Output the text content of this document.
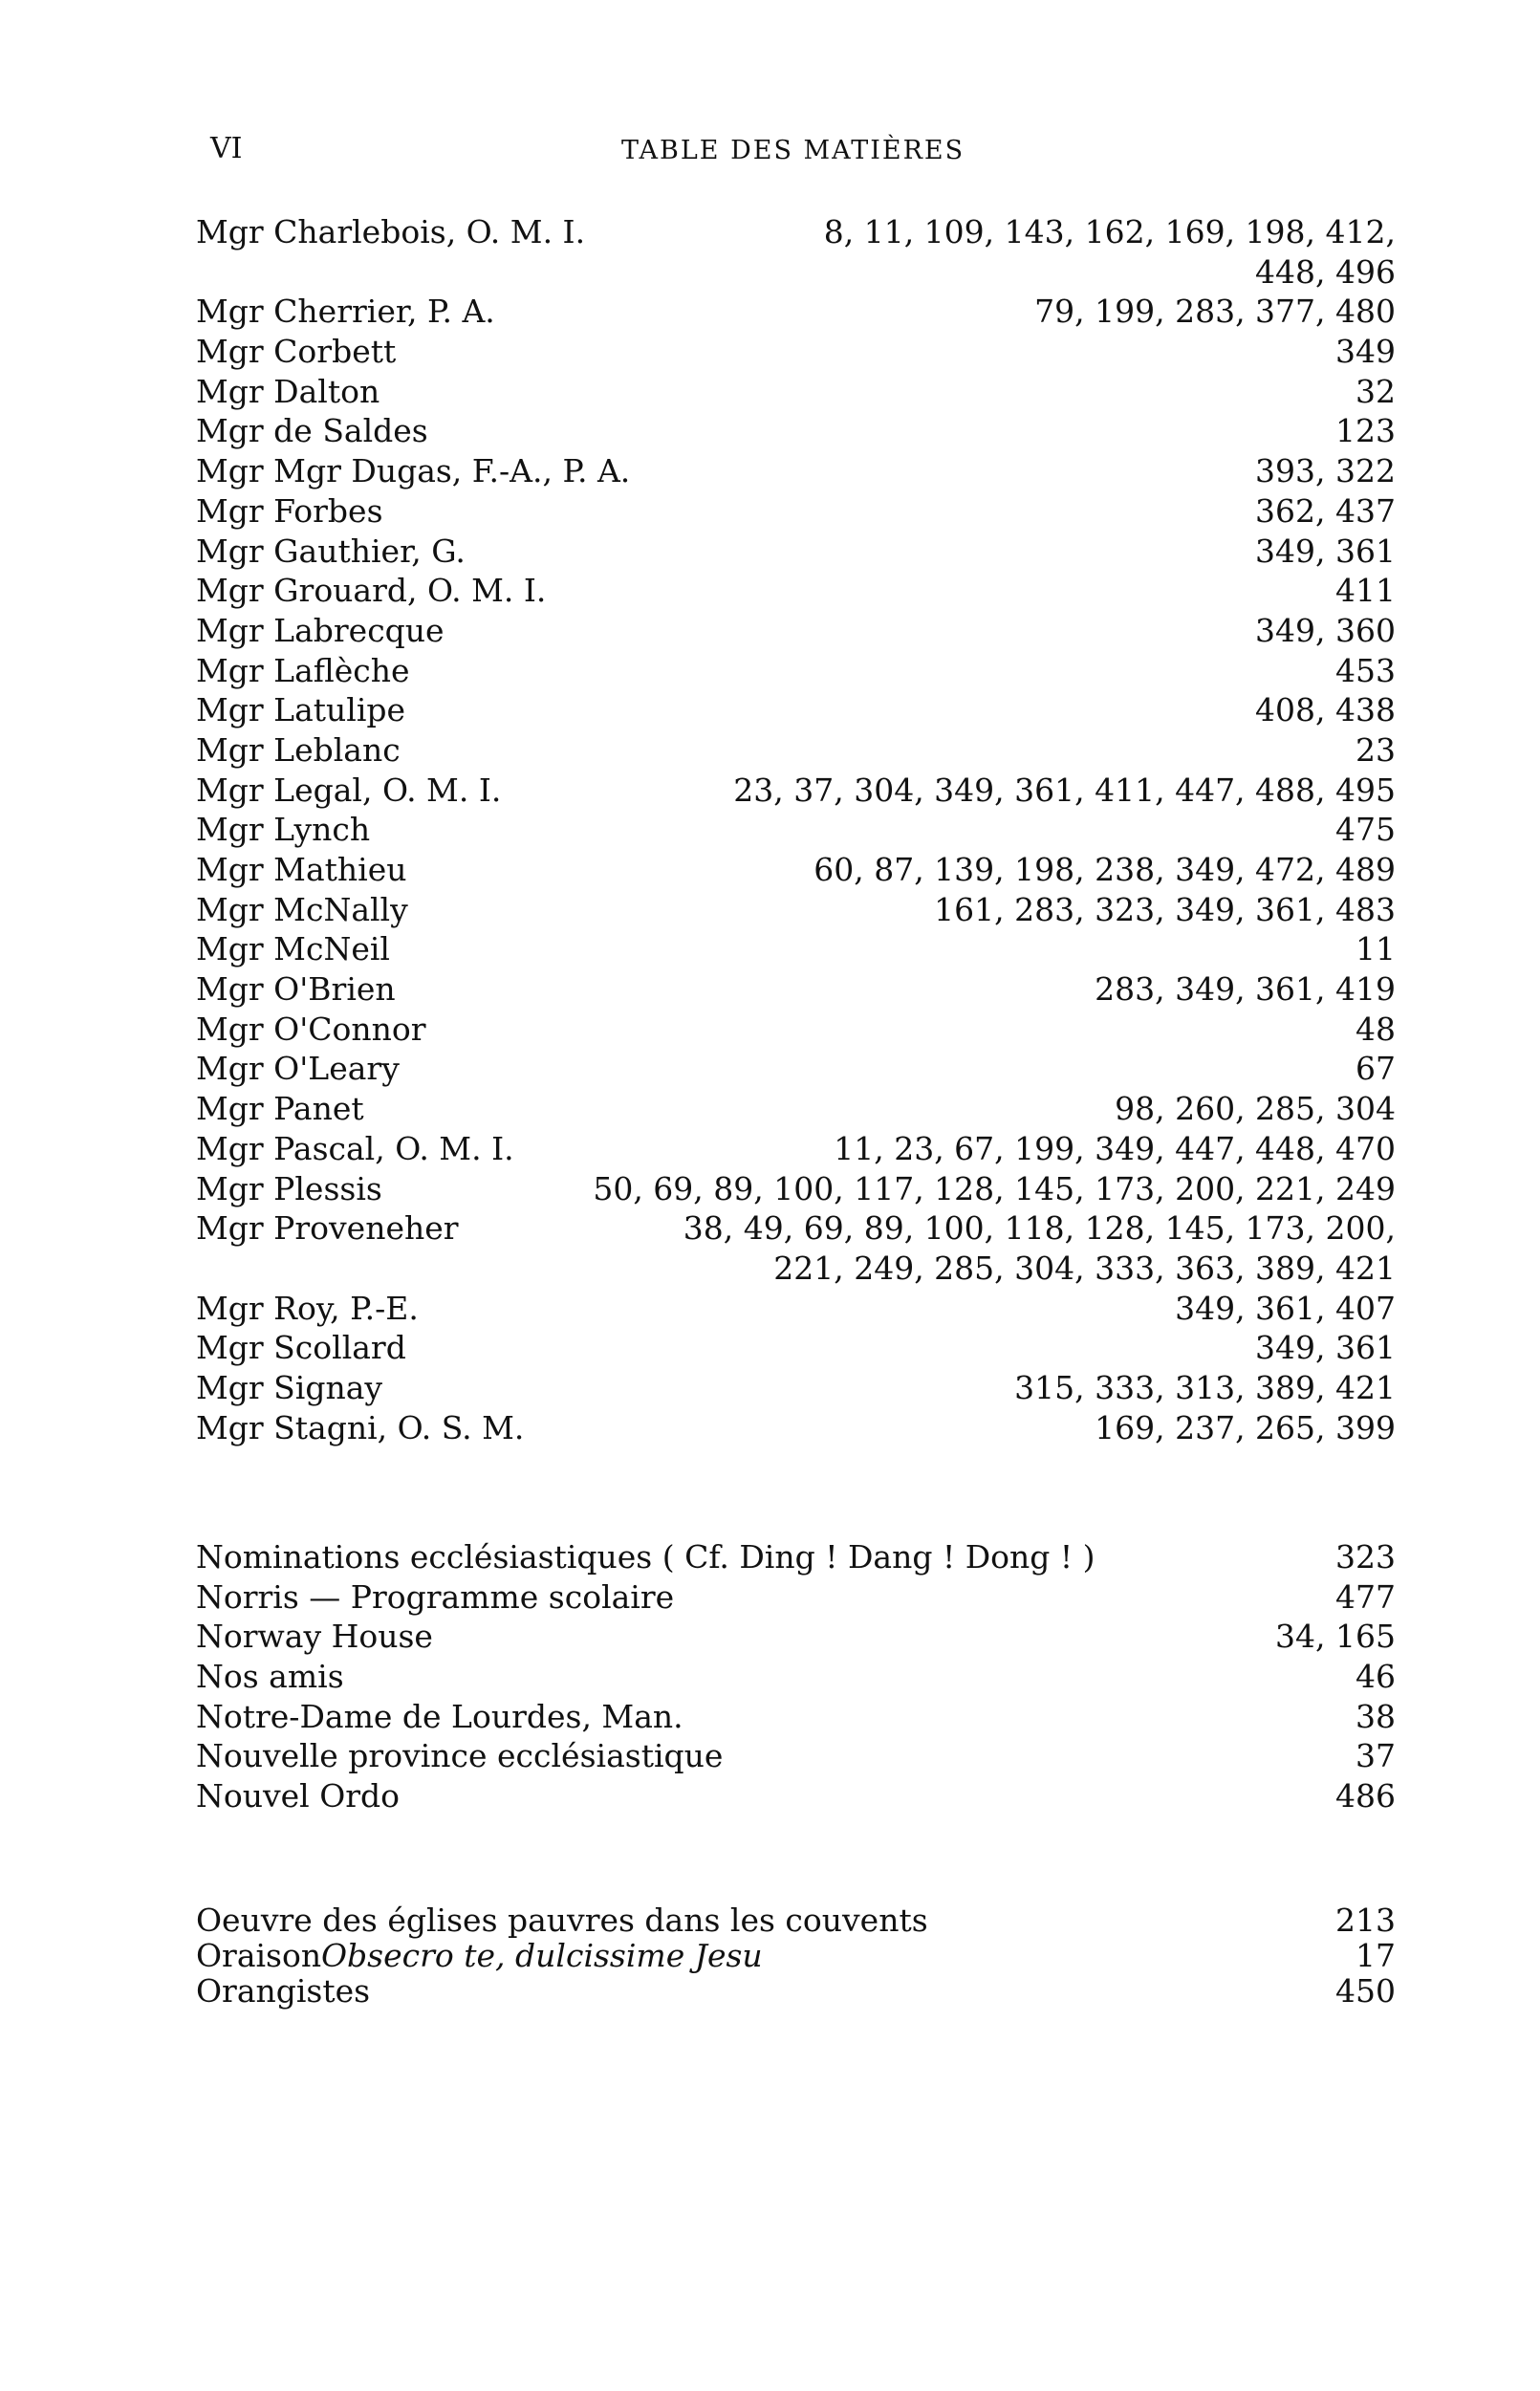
VI	TABLE DES MATIÈRES
Mgr Charlebois, O. M. I.	8, 11, 109, 143, 162, 169, 198, 412,
448, 496
Mgr Cherrier, P. A.	79, 199, 283, 377, 480
Mgr Corbett	349
Mgr Dalton	32
Mgr de Saldes	123
Mgr Mgr Dugas, F.-A., P. A.	393, 322
Mgr Forbes	362, 437
Mgr Gauthier, G.	349, 361
Mgr Grouard, O. M. I.	411
Mgr Labrecque	349, 360
Mgr Laflèche	453
Mgr Latulipe	408, 438
Mgr Leblanc	23
Mgr Legal, O. M. I.	23, 37, 304, 349, 361, 411, 447, 488, 495
Mgr Lynch	475
Mgr Mathieu	60, 87, 139, 198, 238, 349, 472, 489
Mgr McNally	161, 283, 323, 349, 361, 483
Mgr McNeil	11
Mgr O'Brien	283, 349, 361, 419
Mgr O'Connor	48
Mgr O'Leary	67
Mgr Panet	98, 260, 285, 304
Mgr Pascal, O. M. I.	11, 23, 67, 199, 349, 447, 448, 470
Mgr Plessis	50, 69, 89, 100, 117, 128, 145, 173, 200, 221, 249
Mgr Proveneher	38, 49, 69, 89, 100, 118, 128, 145, 173, 200,
221, 249, 285, 304, 333, 363, 389, 421
Mgr Roy, P.-E.	349, 361, 407
Mgr Scollard	349, 361
Mgr Signay	315, 333, 313, 389, 421
Mgr Stagni, O. S. M.	169, 237, 265, 399
Nominations ecclésiastiques ( Cf. Ding ! Dang ! Dong ! )	323
Norris — Programme scolaire	477
Norway House	34, 165
Nos amis	46
Notre-Dame de Lourdes, Man.	38
Nouvelle province ecclésiastique	37
Nouvel Ordo	486
Oeuvre des églises pauvres dans les couvents	213
Oraison Obsecro te, dulcissime Jesu	17
Orangistes	450
